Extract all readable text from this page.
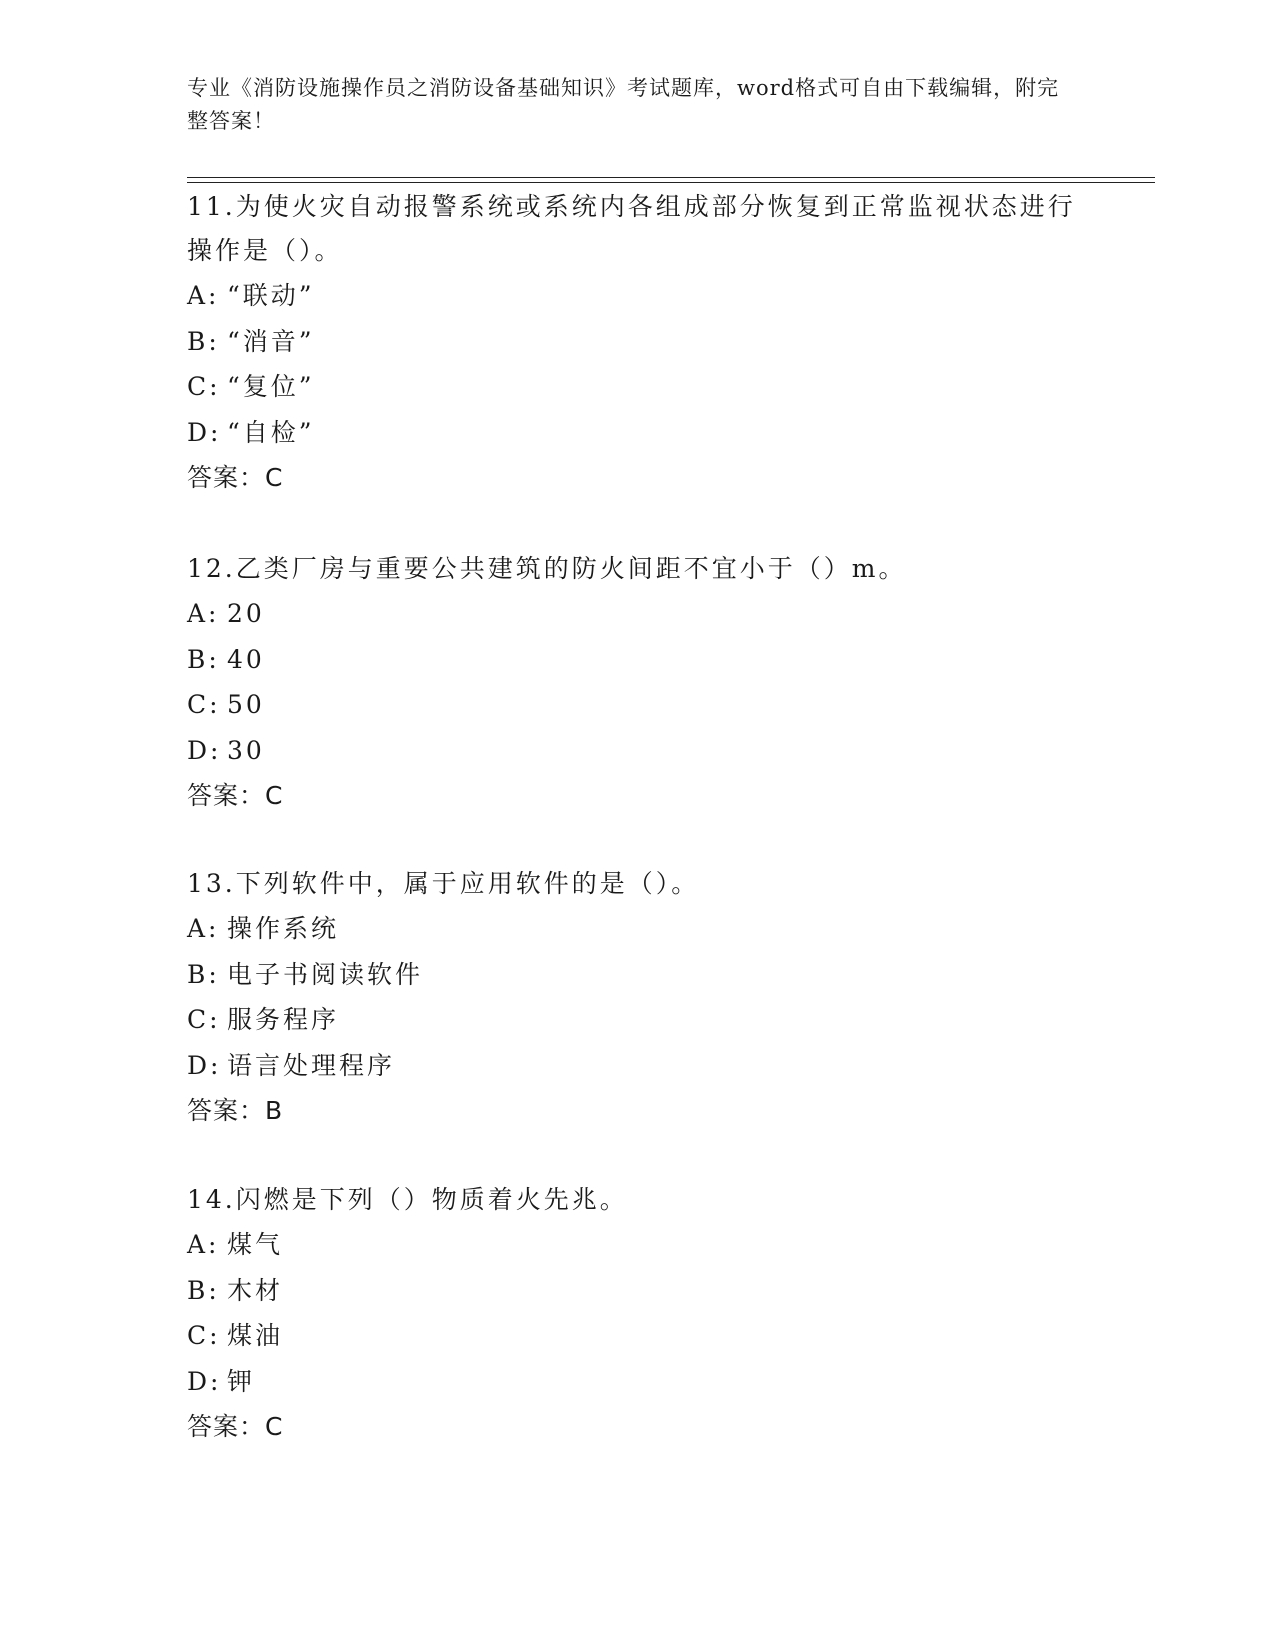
专业《消防设施操作员之消防设备基础知识》考试题库，word格式可自由下载编辑，附完整答案！
11.为使火灾自动报警系统或系统内各组成部分恢复到正常监视状态进行操作是（）。
A: “联动”
B: “消音”
C: “复位”
D: “自检”
答案：C
12.乙类厂房与重要公共建筑的防火间距不宜小于（）m。
A: 20
B: 40
C: 50
D: 30
答案：C
13.下列软件中，属于应用软件的是（）。
A: 操作系统
B: 电子书阅读软件
C: 服务程序
D: 语言处理程序
答案：B
14.闪燃是下列（）物质着火先兆。
A: 煤气
B: 木材
C: 煤油
D: 钾
答案：C
